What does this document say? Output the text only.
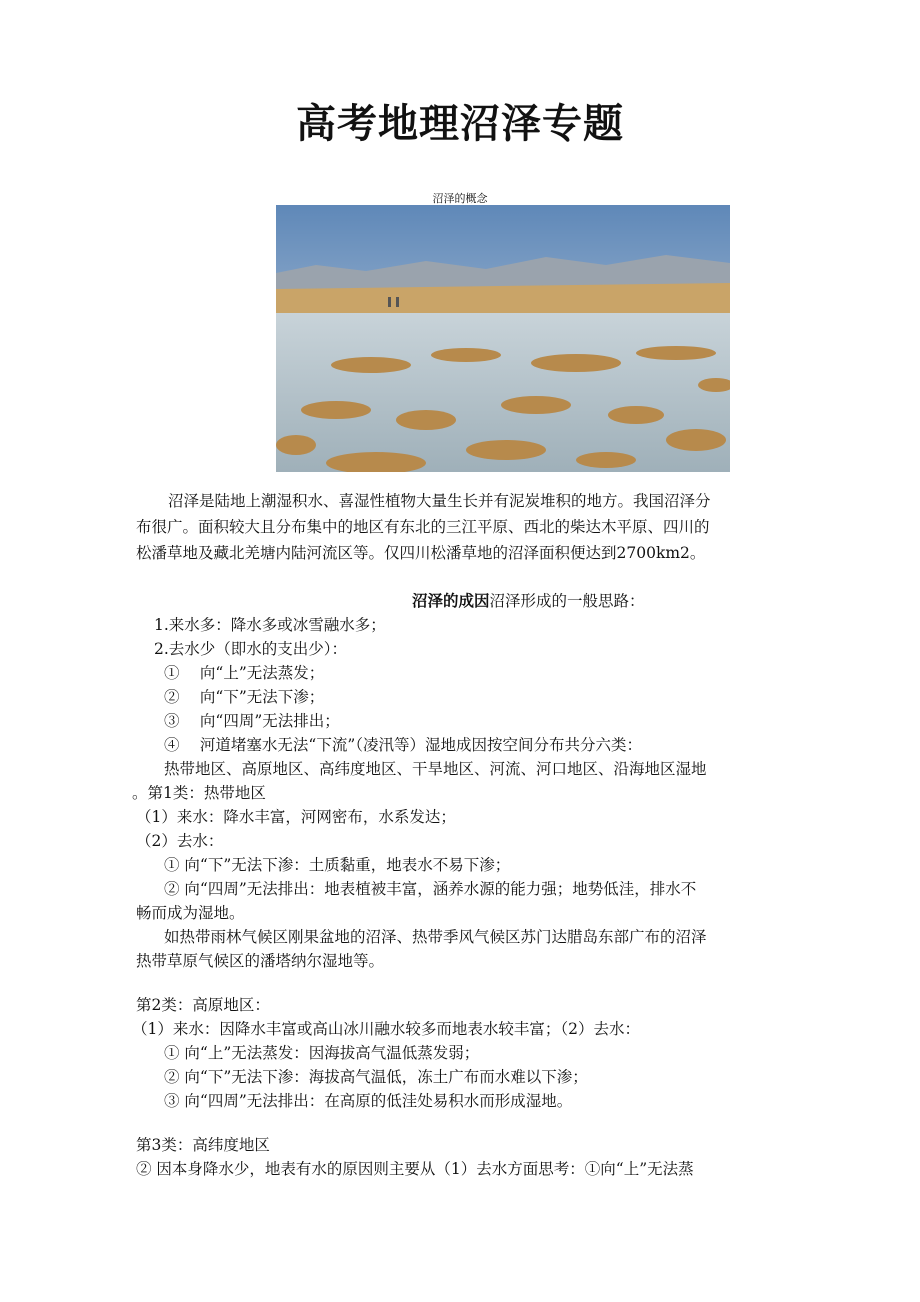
高考地理沼泽专题
沼泽的概念
沼泽是陆地上潮湿积水、喜湿性植物大量生长并有泥炭堆积的地方。我国沼泽分
布很广。面积较大且分布集中的地区有东北的三江平原、西北的柴达木平原、四川的
松潘草地及藏北羌塘内陆河流区等。仅四川松潘草地的沼泽面积便达到2700km2。
沼泽的成因沼泽形成的一般思路：
1.来水多：降水多或冰雪融水多；
2.去水少（即水的支出少）：
①　 向“上”无法蒸发；
②　 向“下”无法下渗；
③　 向“四周”无法排出；
④　 河道堵塞水无法“下流”（凌汛等）湿地成因按空间分布共分六类：
热带地区、高原地区、高纬度地区、干旱地区、河流、河口地区、沿海地区湿地
。第1类：热带地区
（1）来水：降水丰富，河网密布，水系发达；
（2）去水：
① 向“下”无法下渗：土质黏重，地表水不易下渗；
② 向“四周”无法排出：地表植被丰富，涵养水源的能力强；地势低洼，排水不
畅而成为湿地。
如热带雨林气候区刚果盆地的沼泽、热带季风气候区苏门达腊岛东部广布的沼泽
热带草原气候区的潘塔纳尔湿地等。
第2类：高原地区：
（1）来水：因降水丰富或高山冰川融水较多而地表水较丰富；（2）去水：
① 向“上”无法蒸发：因海拔高气温低蒸发弱；
② 向“下”无法下渗：海拔高气温低，冻土广布而水难以下渗；
③ 向“四周”无法排出：在高原的低洼处易积水而形成湿地。
第3类：高纬度地区
② 因本身降水少，地表有水的原因则主要从（1）去水方面思考：①向“上”无法蒸
